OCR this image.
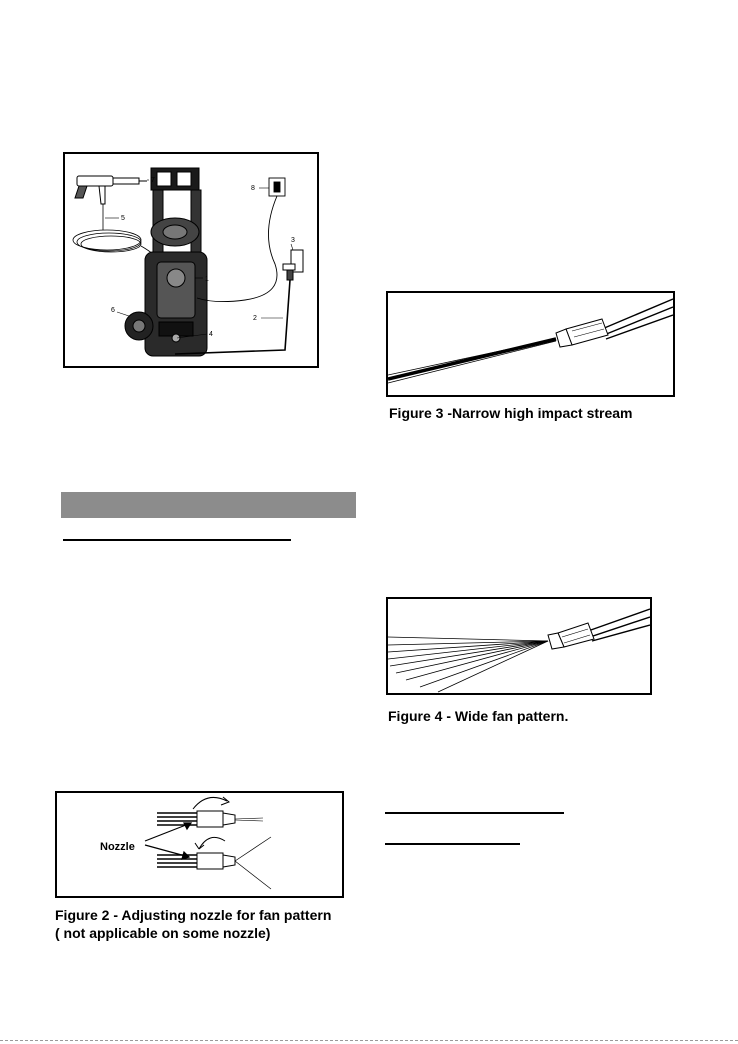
7
5
8
3
1
6
2
4
Nozzle
Figure 2 - Adjusting nozzle for fan pattern
( not applicable on some nozzle)
Figure 3 -Narrow high impact stream
Figure 4 - Wide fan pattern.
